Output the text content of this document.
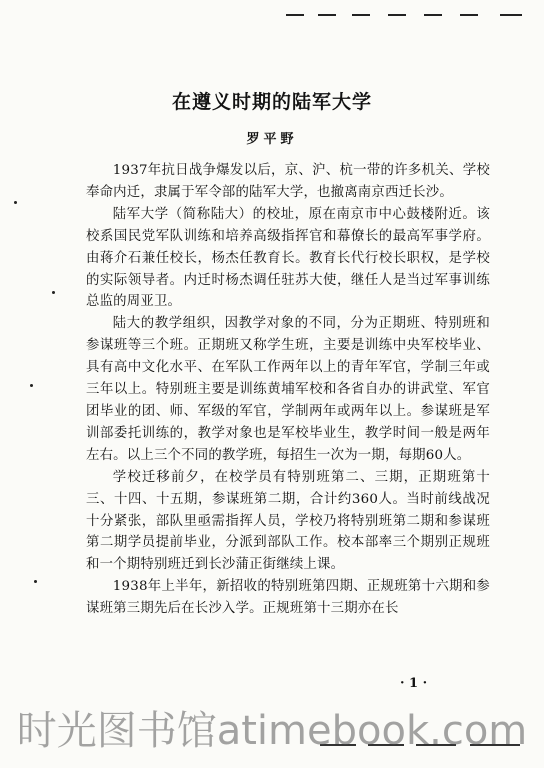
在遵义时期的陆军大学
罗平野

1937年抗日战争爆发以后，京、沪、杭一带的许多机关、学校奉命内迁，隶属于军令部的陆军大学，也撤离南京西迁长沙。

陆军大学（简称陆大）的校址，原在南京市中心鼓楼附近。该校系国民党军队训练和培养高级指挥官和幕僚长的最高军事学府。由蒋介石兼任校长，杨杰任教育长。教育长代行校长职权，是学校的实际领导者。内迁时杨杰调任驻苏大使，继任人是当过军事训练总监的周亚卫。

陆大的教学组织，因教学对象的不同，分为正期班、特别班和参谋班等三个班。正期班又称学生班，主要是训练中央军校毕业、具有高中文化水平、在军队工作两年以上的青年军官，学制三年或三年以上。特别班主要是训练黄埔军校和各省自办的讲武堂、军官团毕业的团、师、军级的军官，学制两年或两年以上。参谋班是军训部委托训练的，教学对象也是军校毕业生，教学时间一般是两年左右。以上三个不同的教学班，每招生一次为一期，每期60人。

学校迁移前夕，在校学员有特别班第二、三期，正期班第十三、十四、十五期，参谋班第二期，合计约360人。当时前线战况十分紧张，部队里亟需指挥人员，学校乃将特别班第二期和参谋班第二期学员提前毕业，分派到部队工作。校本部率三个期别正规班和一个期特别班迁到长沙蒲正街继续上课。

1938年上半年，新招收的特别班第四期、正规班第十六期和参谋班第三期先后在长沙入学。正规班第十三期亦在长

· 1 ·
时光图书馆atimebook.com
